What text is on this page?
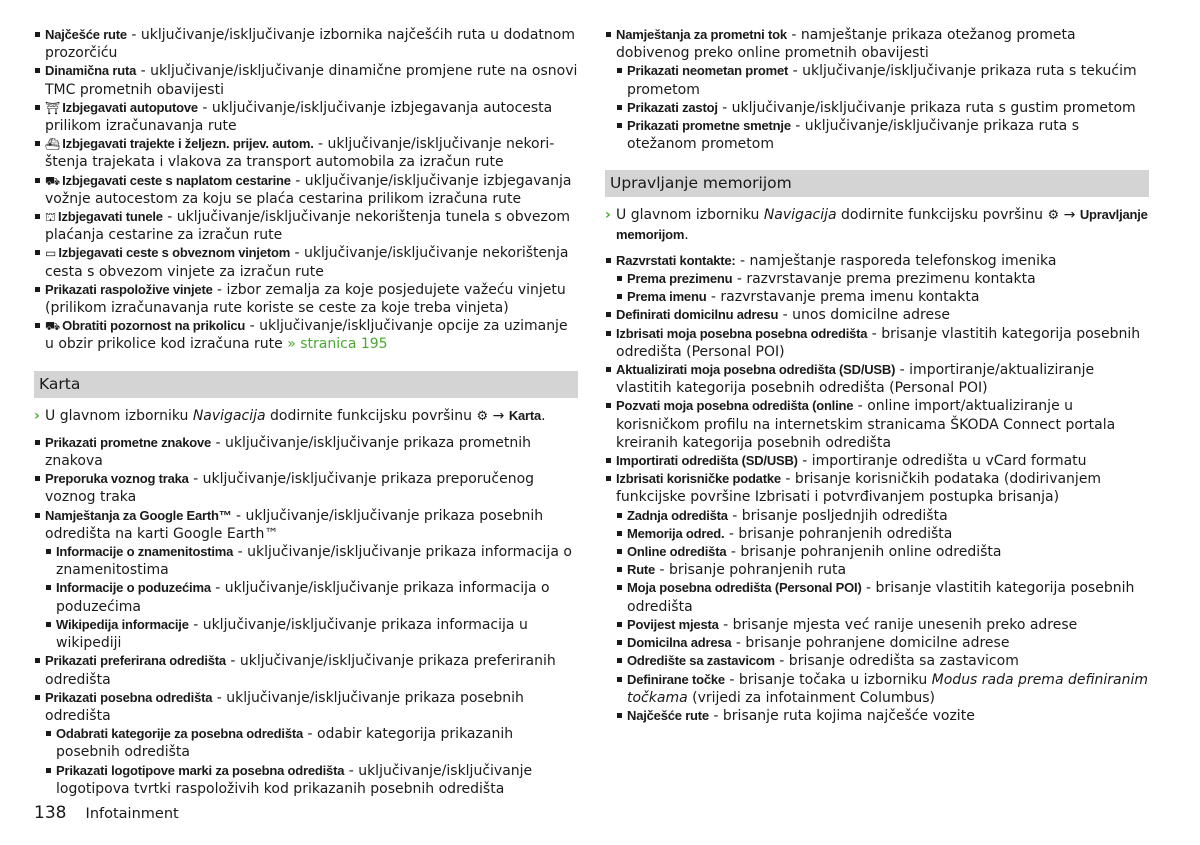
Najčešće rute - uključivanje/isključivanje izbornika najčešćih ruta u dodatnom prozorčiću
Dinamična ruta - uključivanje/isključivanje dinamične promjene rute na osnovi TMC prometnih obavijesti
⛩ Izbjegavati autoputove - uključivanje/isključivanje izbjegavanja autocesta prilikom izračunavanja rute
⛴ Izbjegavati trajekte i željezn. prijev. autom. - uključivanje/isključivanje nekorištenja trajekata i vlakova za transport automobila za izračun rute
⛟ Izbjegavati ceste s naplatom cestarine - uključivanje/isključivanje izbjegavanja vožnje autocestom za koju se plaća cestarina prilikom izračuna rute
⛫ Izbjegavati tunele - uključivanje/isključivanje nekorištenja tunela s obvezom plaćanja cestarine za izračun rute
▭ Izbjegavati ceste s obveznom vinjetom - uključivanje/isključivanje nekorištenja cesta s obvezom vinjete za izračun rute
Prikazati raspoložive vinjete - izbor zemalja za koje posjedujete važeću vinjetu (prilikom izračunavanja rute koriste se ceste za koje treba vinjeta)
⛟ Obratiti pozornost na prikolicu - uključivanje/isključivanje opcije za uzimanje u obzir prikolice kod izračuna rute » stranica 195
Karta
› U glavnom izborniku Navigacija dodirnite funkcijsku površinu ⚙ → Karta.
Prikazati prometne znakove - uključivanje/isključivanje prikaza prometnih znakova
Preporuka voznog traka - uključivanje/isključivanje prikaza preporučenog voznog traka
Namještanja za Google Earth™ - uključivanje/isključivanje prikaza posebnih odredišta na karti Google Earth™
Informacije o znamenitostima - uključivanje/isključivanje prikaza informacija o znamenitostima
Informacije o poduzećima - uključivanje/isključivanje prikaza informacija o poduzećima
Wikipedija informacije - uključivanje/isključivanje prikaza informacija u wikipediji
Prikazati preferirana odredišta - uključivanje/isključivanje prikaza preferiranih odredišta
Prikazati posebna odredišta - uključivanje/isključivanje prikaza posebnih odredišta
Odabrati kategorije za posebna odredišta - odabir kategorija prikazanih posebnih odredišta
Prikazati logotipove marki za posebna odredišta - uključivanje/isključivanje logotipova tvrtki raspoloživih kod prikazanih posebnih odredišta
Namještanja za prometni tok - namještanje prikaza otežanog prometa dobivenog preko online prometnih obavijesti
Prikazati neometan promet - uključivanje/isključivanje prikaza ruta s tekućim prometom
Prikazati zastoj - uključivanje/isključivanje prikaza ruta s gustim prometom
Prikazati prometne smetnje - uključivanje/isključivanje prikaza ruta s otežanom prometom
Upravljanje memorijom
› U glavnom izborniku Navigacija dodirnite funkcijsku površinu ⚙ → Upravljanje memorijom.
Razvrstati kontakte: - namještanje rasporeda telefonskog imenika
Prema prezimenu - razvrstavanje prema prezimenu kontakta
Prema imenu - razvrstavanje prema imenu kontakta
Definirati domicilnu adresu - unos domicilne adrese
Izbrisati moja posebna posebna odredišta - brisanje vlastitih kategorija posebnih odredišta (Personal POI)
Aktualizirati moja posebna odredišta (SD/USB) - importiranje/aktualiziranje vlastitih kategorija posebnih odredišta (Personal POI)
Pozvati moja posebna odredišta (online - online import/aktualiziranje u korisničkom profilu na internetskim stranicama ŠKODA Connect portala kreiranih kategorija posebnih odredišta
Importirati odredišta (SD/USB) - importiranje odredišta u vCard formatu
Izbrisati korisničke podatke - brisanje korisničkih podataka (dodirivanjem funkcijske površine Izbrisati i potvrđivanjem postupka brisanja)
Zadnja odredišta - brisanje posljednjih odredišta
Memorija odred. - brisanje pohranjenih odredišta
Online odredišta - brisanje pohranjenih online odredišta
Rute - brisanje pohranjenih ruta
Moja posebna odredišta (Personal POI) - brisanje vlastitih kategorija posebnih odredišta
Povijest mjesta - brisanje mjesta već ranije unesenih preko adrese
Domicilna adresa - brisanje pohranjene domicilne adrese
Odredište sa zastavicom - brisanje odredišta sa zastavicom
Definirane točke - brisanje točaka u izborniku Modus rada prema definiranim točkama (vrijedi za infotainment Columbus)
Najčešće rute - brisanje ruta kojima najčešće vozite
138 Infotainment
